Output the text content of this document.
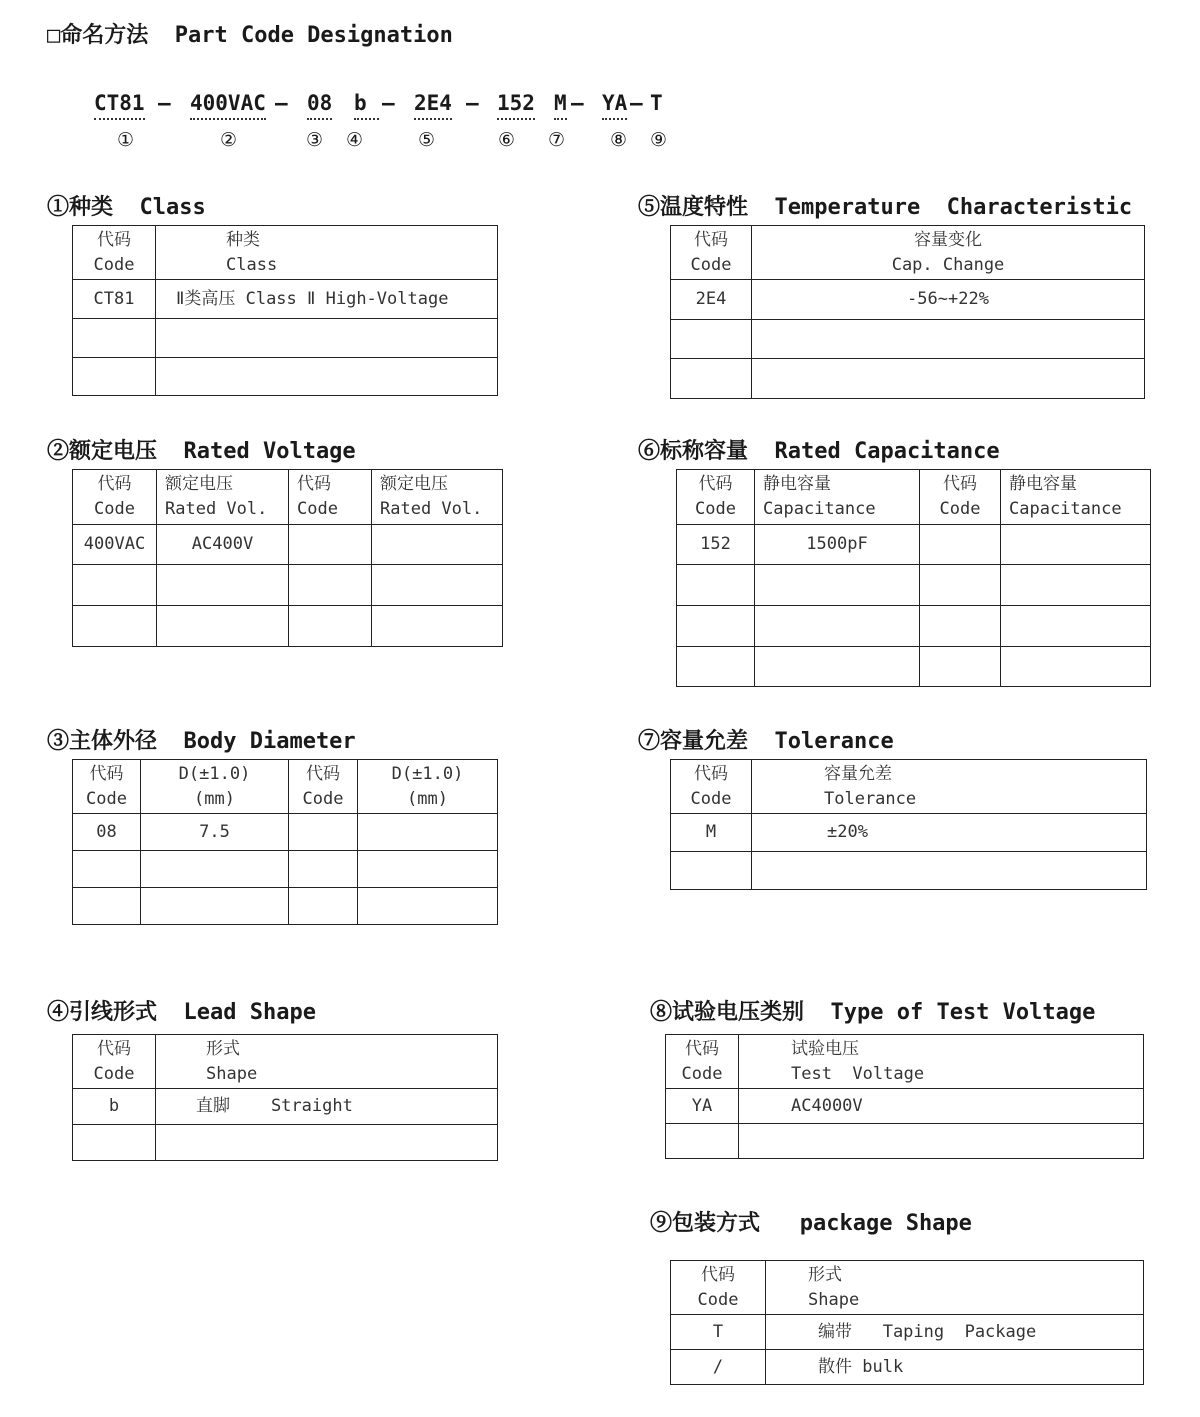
□命名方法  Part Code Designation
CT81 – 400VAC – 08 b – 2E4 – 152 M – YA – T
①	②	③ ④	⑤	⑥ ⑦ ⑧ ⑨
①种类  Class
代码
Code	种类
Class

CT81	Ⅱ类高压 Class Ⅱ High-Voltage

②额定电压  Rated Voltage
代码
Code	额定电压
Rated Vol.	代码
Code	额定电压
Rated Vol.

400VAC	AC400V		

③主体外径  Body Diameter
代码
Code	D(±1.0)
(mm)	代码
Code	D(±1.0)
(mm)

08	7.5		

④引线形式  Lead Shape
代码
Code	形式
Shape

b	直脚    Straight

⑤温度特性  Temperature  Characteristic
代码
Code	容量变化
Cap. Change

2E4	-56~+22%

⑥标称容量  Rated Capacitance
代码
Code	静电容量
Capacitance	代码
Code	静电容量
Capacitance

152	1500pF		

⑦容量允差  Tolerance
代码
Code	容量允差
Tolerance

M	±20%

⑧试验电压类别  Type of Test Voltage
代码
Code	试验电压
Test  Voltage

YA	AC4000V

⑨包装方式   package Shape
代码
Code	形式
Shape

T	编带   Taping  Package
/	散件 bulk
